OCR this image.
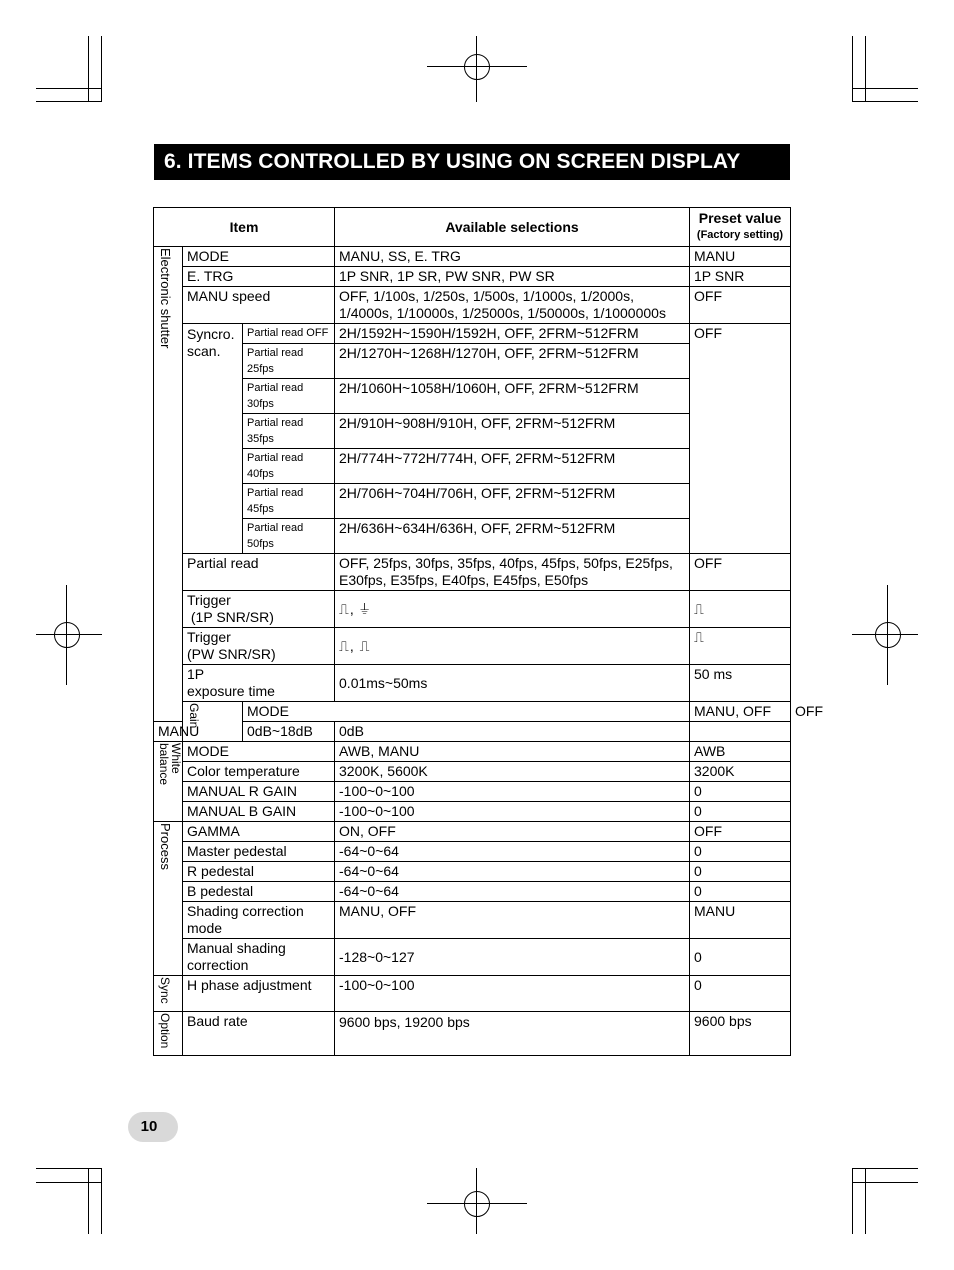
6. ITEMS CONTROLLED BY USING ON SCREEN DISPLAY
Item			Available selections	Preset value
(Factory setting)	

Electronic shutter	MODE		MANU, SS, E. TRG	MANU	
	E. TRG		1P SNR, 1P SR, PW SNR, PW SR	1P SNR	
	MANU speed		OFF, 1/100s, 1/250s, 1/500s, 1/1000s, 1/2000s, 1/4000s, 1/10000s, 1/25000s, 1/50000s, 1/1000000s	OFF	
	Syncro. scan.	Partial read OFF	2H/1592H~1590H/1592H, OFF, 2FRM~512FRM	OFF	
		Partial read 25fps	2H/1270H~1268H/1270H, OFF, 2FRM~512FRM		
		Partial read 30fps	2H/1060H~1058H/1060H, OFF, 2FRM~512FRM		
		Partial read 35fps	2H/910H~908H/910H, OFF, 2FRM~512FRM		
		Partial read 40fps	2H/774H~772H/774H, OFF, 2FRM~512FRM		
		Partial read 45fps	2H/706H~704H/706H, OFF, 2FRM~512FRM		
		Partial read 50fps	2H/636H~634H/636H, OFF, 2FRM~512FRM		
	Partial read		OFF, 25fps, 30fps, 35fps, 40fps, 45fps, 50fps, E25fps, E30fps, E35fps, E40fps, E45fps, E50fps	OFF	

	Trigger
(1P SNR/SR)		⎍, ⏚	⎍	

	Trigger
(PW SNR/SR)		⎍, ⎍	⎍	

	1P
exposure time		0.01ms~50ms	50 ms	
	Gain	MODE		MANU, OFF	OFF
MANU		0dB~18dB	0dB		
White balance	MODE		AWB, MANU	AWB	
	Color temperature		3200K, 5600K	3200K	
	MANUAL R GAIN		-100~0~100	0	
	MANUAL B GAIN		-100~0~100	0	
Process	GAMMA		ON, OFF	OFF	
	Master pedestal		-64~0~64	0	
	R pedestal		-64~0~64	0	
	B pedestal		-64~0~64	0	
	Shading correction mode		MANU, OFF	MANU	
	Manual shading correction		-128~0~127	0	
Sync	H phase adjustment		-100~0~100	0	
Option	Baud rate		9600 bps, 19200 bps	9600 bps	
10
